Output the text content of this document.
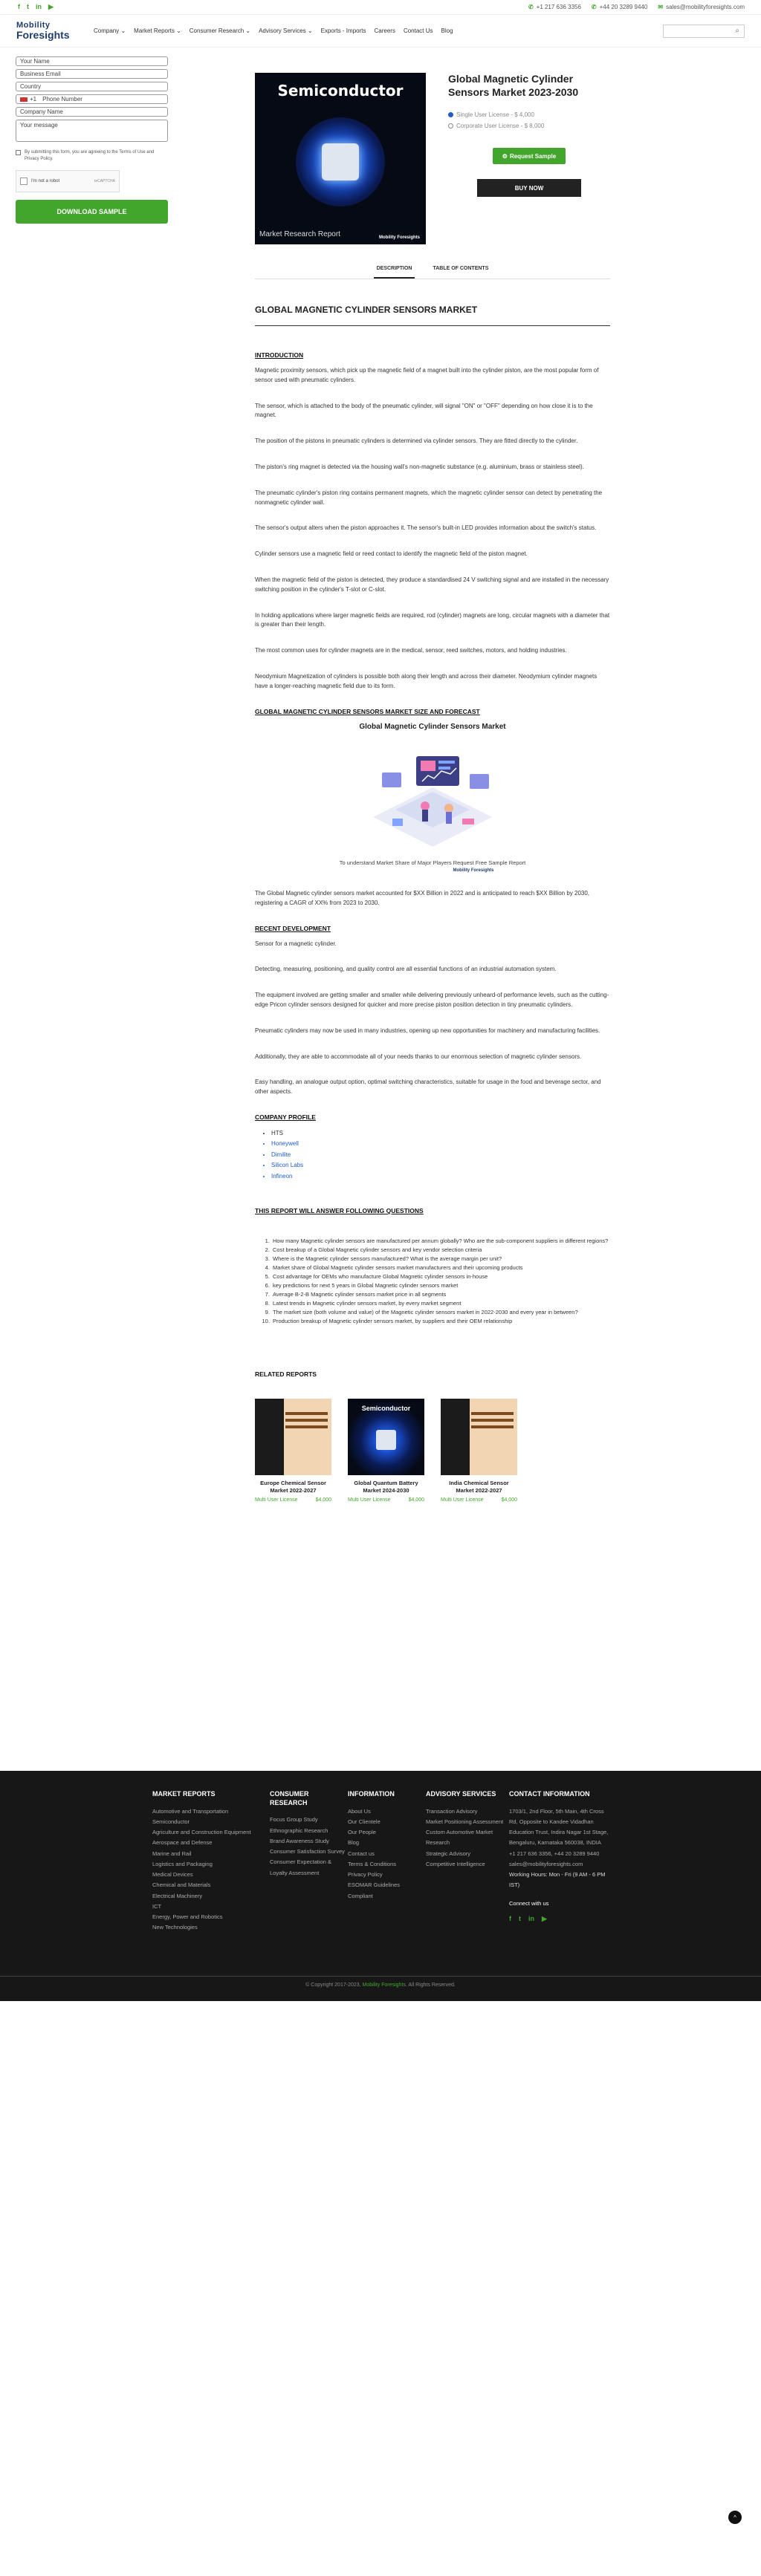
f t in ▶	✆ +1 217 636 3356 ✆ +44 20 3289 9440 ✉ sales@mobilityforesights.com
Mobility
Foresights	Company ⌄ Market Reports ⌄ Consumer Research ⌄ Advisory Services ⌄ Exports - Imports Careers Contact Us Blog	⌕
Your Name
Business Email
Country
+1 Phone Number
Company Name
Your message
By submitting this form, you are agreeing to the Terms of Use and Privacy Policy.
I'm not a robot	reCAPTCHA
DOWNLOAD SAMPLE
Semiconductor
Market Research Report	Mobility Foresights
Global Magnetic Cylinder Sensors Market 2023-2030
Single User License - $ 4,000
Corporate User License - $ 8,000
⚙ Request Sample
BUY NOW
DESCRIPTION	TABLE OF CONTENTS
GLOBAL MAGNETIC CYLINDER SENSORS MARKET
INTRODUCTION

Magnetic proximity sensors, which pick up the magnetic field of a magnet built into the cylinder piston, are the most popular form of sensor used with pneumatic cylinders.

The sensor, which is attached to the body of the pneumatic cylinder, will signal "ON" or "OFF" depending on how close it is to the magnet.

The position of the pistons in pneumatic cylinders is determined via cylinder sensors. They are fitted directly to the cylinder.

The piston's ring magnet is detected via the housing wall's non-magnetic substance (e.g. aluminium, brass or stainless steel).

The pneumatic cylinder's piston ring contains permanent magnets, which the magnetic cylinder sensor can detect by penetrating the nonmagnetic cylinder wall.

The sensor's output alters when the piston approaches it. The sensor's built-in LED provides information about the switch's status.

Cylinder sensors use a magnetic field or reed contact to identify the magnetic field of the piston magnet.

When the magnetic field of the piston is detected, they produce a standardised 24 V switching signal and are installed in the necessary switching position in the cylinder's T-slot or C-slot.

In holding applications where larger magnetic fields are required, rod (cylinder) magnets are long, circular magnets with a diameter that is greater than their length.

The most common uses for cylinder magnets are in the medical, sensor, reed switches, motors, and holding industries.

Neodymium Magnetization of cylinders is possible both along their length and across their diameter. Neodymium cylinder magnets have a longer-reaching magnetic field due to its form.

GLOBAL MAGNETIC CYLINDER SENSORS MARKET SIZE AND FORECAST
Global Magnetic Cylinder Sensors Market
To understand Market Share of Major Players Request Free Sample Report
Mobility Foresights

The Global Magnetic cylinder sensors market accounted for $XX Billion in 2022 and is anticipated to reach $XX Billion by 2030, registering a CAGR of XX% from 2023 to 2030.

RECENT DEVELOPMENT

Sensor for a magnetic cylinder.

Detecting, measuring, positioning, and quality control are all essential functions of an industrial automation system.

The equipment involved are getting smaller and smaller while delivering previously unheard-of performance levels, such as the cutting-edge Pricon cylinder sensors designed for quicker and more precise piston position detection in tiny pneumatic cylinders.

Pneumatic cylinders may now be used in many industries, opening up new opportunities for machinery and manufacturing facilities.

Additionally, they are able to accommodate all of your needs thanks to our enormous selection of magnetic cylinder sensors.

Easy handling, an analogue output option, optimal switching characteristics, suitable for usage in the food and beverage sector, and other aspects.

COMPANY PROFILE
• HTS
• Honeywell
• Dimilite
• Silicon Labs
• Infineon
THIS REPORT WILL ANSWER FOLLOWING QUESTIONS
1. How many Magnetic cylinder sensors are manufactured per annum globally? Who are the sub-component suppliers in different regions?
2. Cost breakup of a Global Magnetic cylinder sensors and key vendor selection criteria
3. Where is the Magnetic cylinder sensors manufactured? What is the average margin per unit?
4. Market share of Global Magnetic cylinder sensors market manufacturers and their upcoming products
5. Cost advantage for OEMs who manufacture Global Magnetic cylinder sensors in-house
6. key predictions for next 5 years in Global Magnetic cylinder sensors market
7. Average B-2-B Magnetic cylinder sensors market price in all segments
8. Latest trends in Magnetic cylinder sensors market, by every market segment
9. The market size (both volume and value) of the Magnetic cylinder sensors market in 2022-2030 and every year in between?
10. Production breakup of Magnetic cylinder sensors market, by suppliers and their OEM relationship
RELATED REPORTS
Europe Chemical Sensor Market 2022-2027
Multi User License	$4,000
Semiconductor
Global Quantum Battery Market 2024-2030
Multi User License	$4,000
India Chemical Sensor Market 2022-2027
Multi User License	$4,000
MARKET REPORTS
Automotive and Transportation
Semiconductor
Agriculture and Construction Equipment
Aerospace and Defense
Marine and Rail
Logistics and Packaging
Medical Devices
Chemical and Materials
Electrical Machinery
ICT
Energy, Power and Robotics
New Technologies
CONSUMER RESEARCH
Focus Group Study
Ethnographic Research
Brand Awareness Study
Consumer Satisfaction Survey
Consumer Expectation & Loyalty Assessment
INFORMATION
About Us
Our Clientele
Our People
Blog
Contact us
Terms & Conditions
Privacy Policy
ESOMAR Guidelines Compliant
ADVISORY SERVICES
Transaction Advisory
Market Positioning Assessment
Custom Automotive Market Research
Strategic Advisory
Competitive Intelligence
CONTACT INFORMATION
1703/1, 2nd Floor, 5th Main, 4th Cross Rd, Opposite to Kandee Vidadhan Education Trust, Indira Nagar 1st Stage, Bengaluru, Karnataka 560038, INDIA
+1 217 636 3356, +44 20 3289 9440
sales@mobilityforesights.com
Working Hours: Mon - Fri (9 AM - 6 PM IST)
Connect with us
f t in ▶
© Copyright 2017-2023, Mobility Foresights. All Rights Reserved.
^
